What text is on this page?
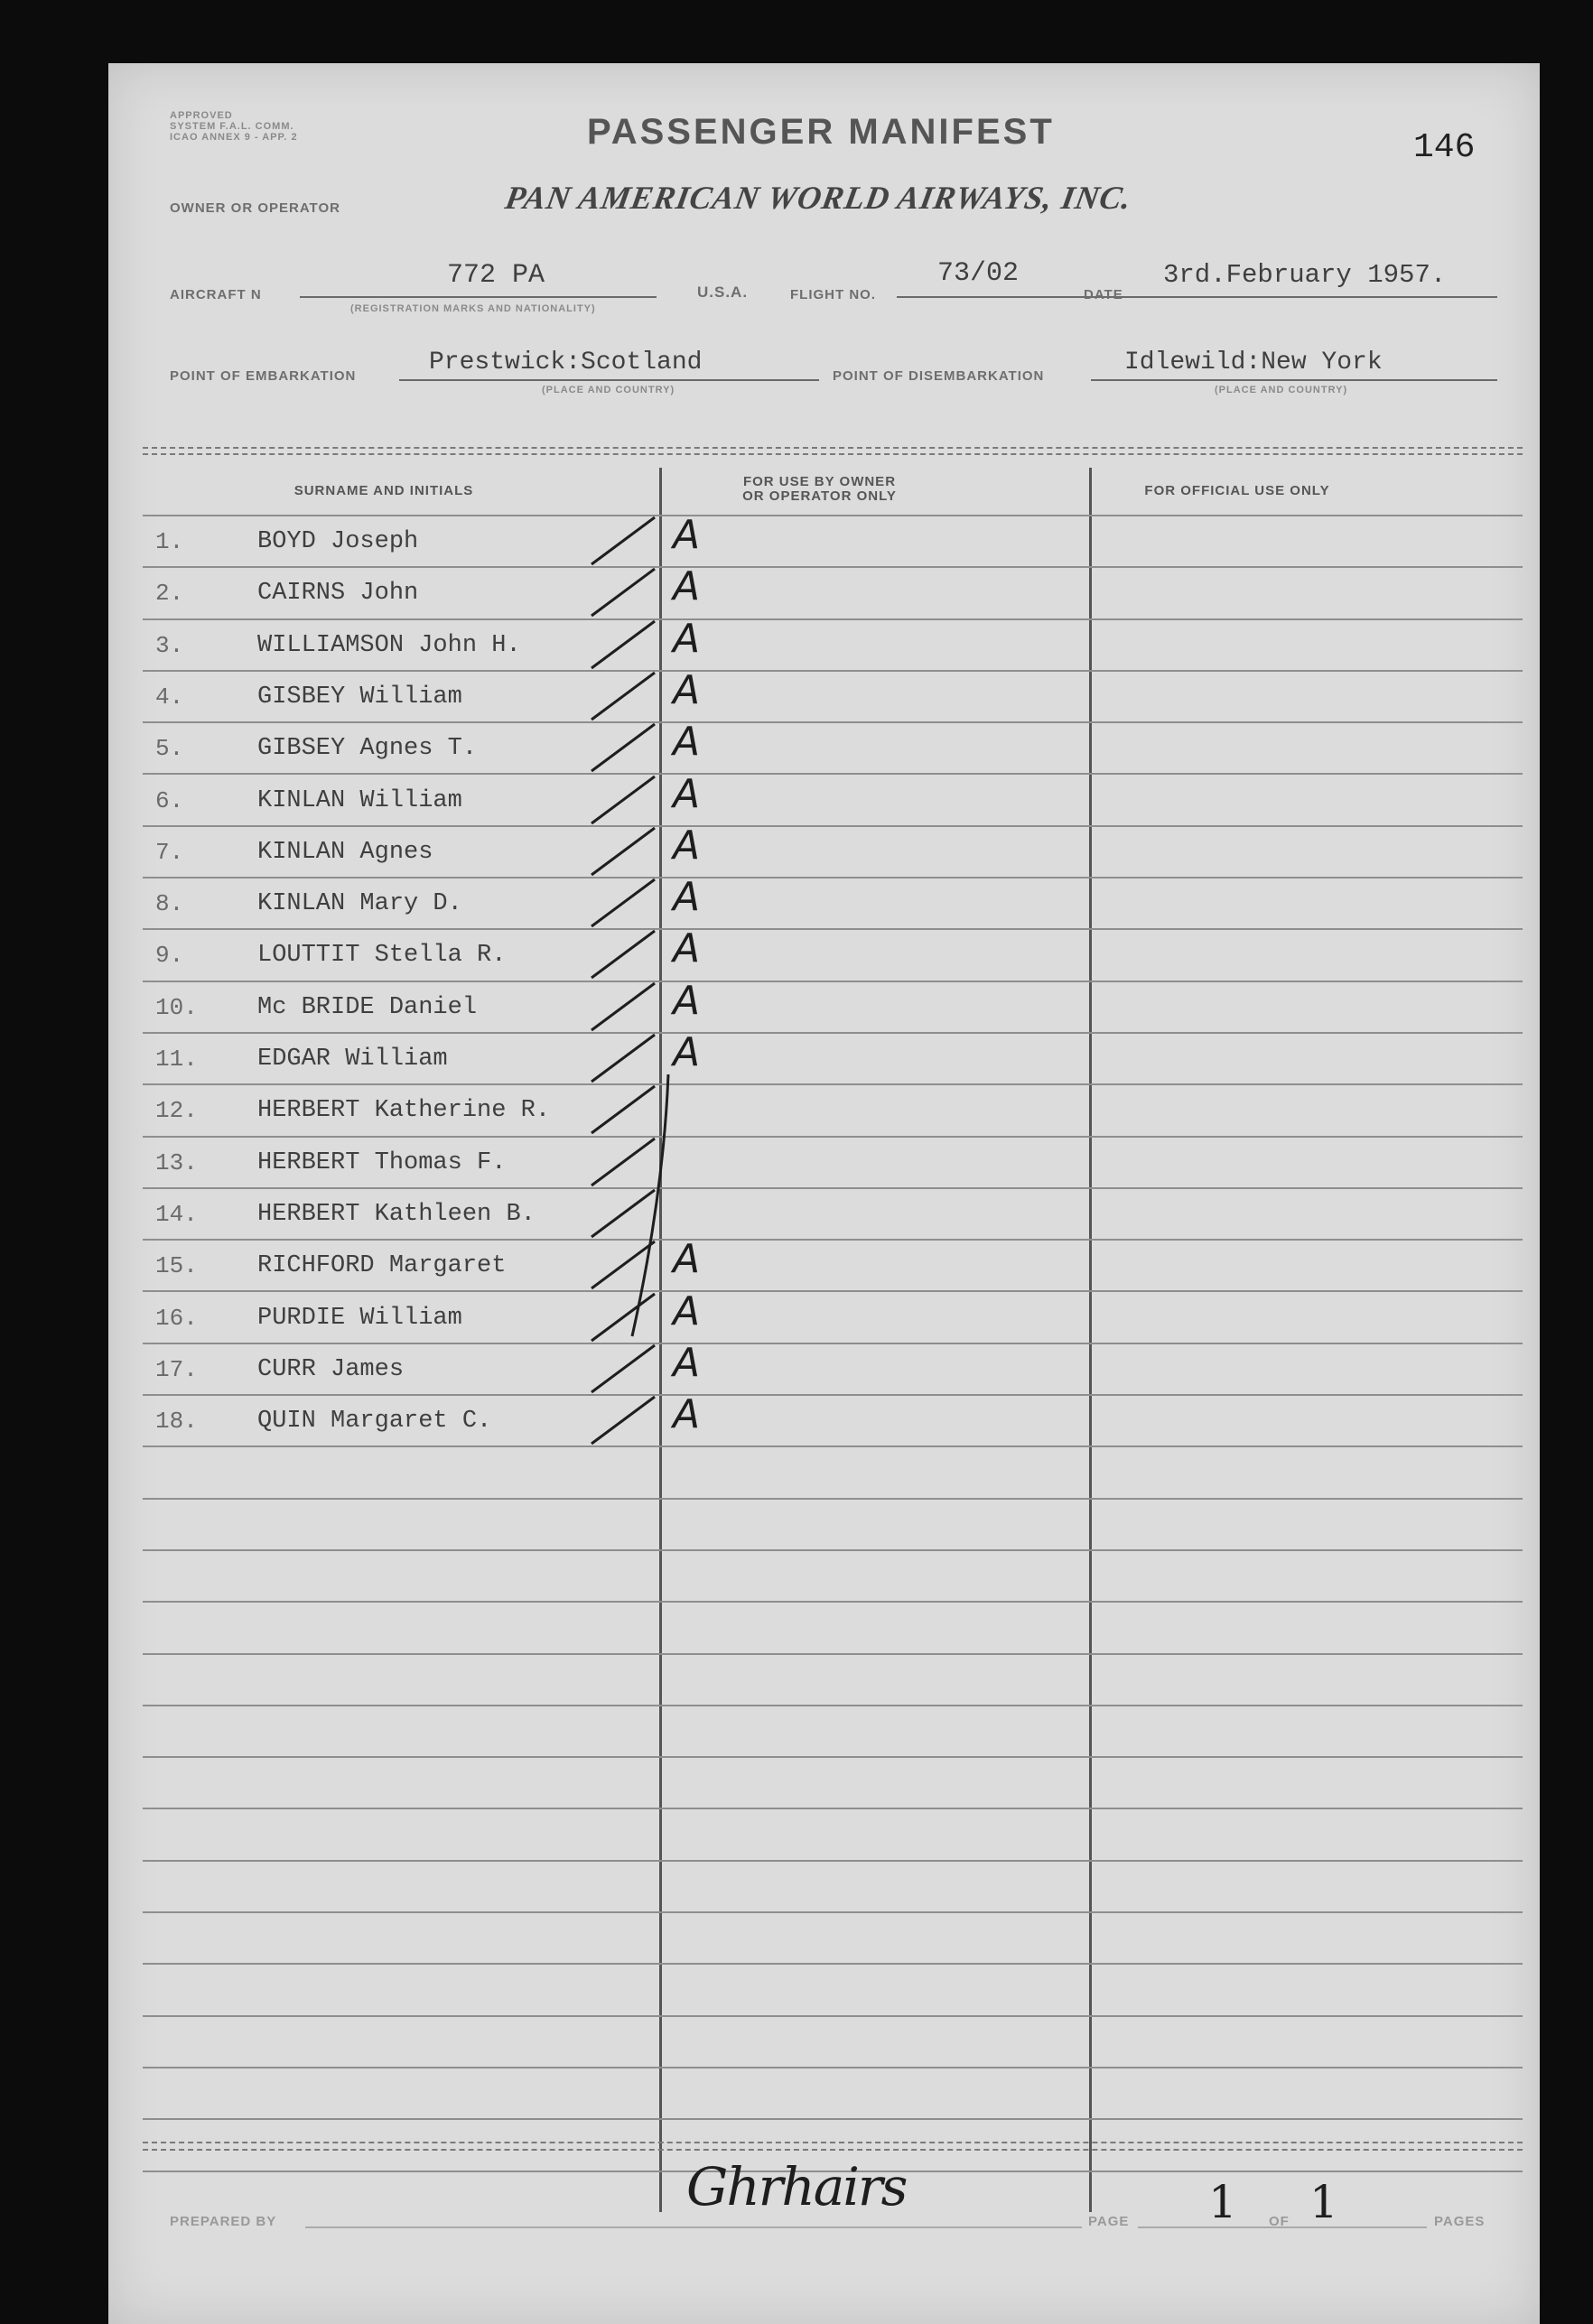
APPROVED
SYSTEM F.A.L. COMM.
ICAO ANNEX 9 - APP. 2	PASSENGER MANIFEST	146
OWNER OR OPERATOR	PAN AMERICAN WORLD AIRWAYS, INC.
AIRCRAFT N
772 PA
(REGISTRATION MARKS AND NATIONALITY)
U.S.A.	FLIGHT NO.
73/02
DATE
3rd.February 1957.
POINT OF EMBARKATION	Prestwick:Scotland
(PLACE AND COUNTRY)
POINT OF DISEMBARKATION	Idlewild:New York
(PLACE AND COUNTRY)
SURNAME AND INITIALS
FOR USE BY OWNER
OR OPERATOR ONLY	FOR OFFICIAL USE ONLY
1.	BOYD Joseph	A
2.	CAIRNS John	A
3.	WILLIAMSON John H.	A
4.	GISBEY William	A
5.	GIBSEY Agnes T.	A
6.	KINLAN William	A
7.	KINLAN Agnes	A
8.	KINLAN Mary D.	A
9.	LOUTTIT Stella R.	A
10.	Mc BRIDE Daniel	A
11.	EDGAR William	A
12.	HERBERT Katherine R.
13.	HERBERT Thomas F.
14.	HERBERT Kathleen B.
15.	RICHFORD Margaret	A
16.	PURDIE William	A
17.	CURR James	A
18.	QUIN Margaret C.	A
PREPARED BY
Ghrhairs
PAGE 1 OF 1	PAGES
